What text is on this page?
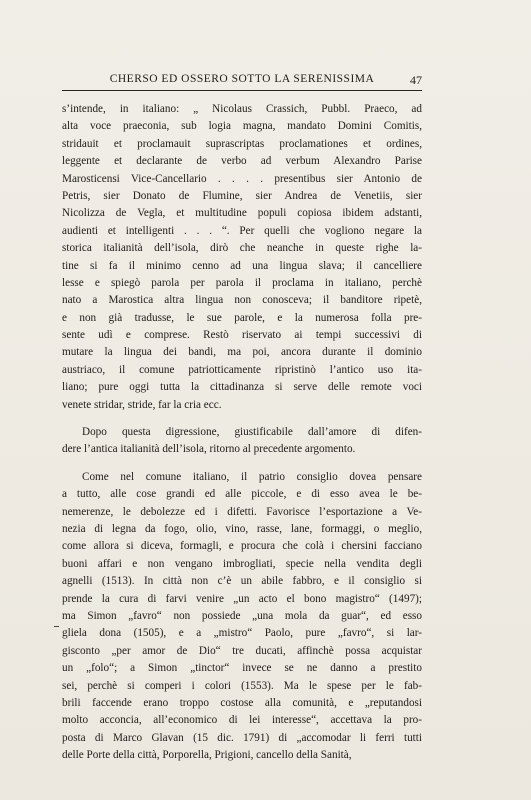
CHERSO ED OSSERO SOTTO LA SERENISSIMA	47
s’intende, in italiano: „ Nicolaus Crassich, Pubbl. Praeco, ad
alta voce praeconia, sub logia magna, mandato Domini Comitis,
stridauit et proclamauit suprascriptas proclamationes et ordines,
leggente et declarante de verbo ad verbum Alexandro Parise
Marosticensi Vice-Cancellario . . . . presentibus sier Antonio de
Petris, sier Donato de Flumine, sier Andrea de Venetiis, sier
Nicolizza de Vegla, et multitudine populi copiosa ibidem adstanti,
audienti et intelligenti . . . “. Per quelli che vogliono negare la
storica italianità dell’isola, dirò che neanche in queste righe la-
tine si fa il minimo cenno ad una lingua slava; il cancelliere
lesse e spiegò parola per parola il proclama in italiano, perchè
nato a Marostica altra lingua non conosceva; il banditore ripetè,
e non già tradusse, le sue parole, e la numerosa folla pre-
sente udì e comprese. Restò riservato ai tempi successivi di
mutare la lingua dei bandi, ma poi, ancora durante il dominio
austriaco, il comune patriotticamente ripristinò l’antico uso ita-
liano; pure oggi tutta la cittadinanza si serve delle remote voci
venete stridar, stride, far la cria ecc.
Dopo questa digressione, giustificabile dall’amore di difen-
dere l’antica italianità dell’isola, ritorno al precedente argomento.
Come nel comune italiano, il patrio consiglio dovea pensare
a tutto, alle cose grandi ed alle piccole, e di esso avea le be-
nemerenze, le debolezze ed i difetti. Favorisce l’esportazione a Ve-
nezia di legna da fogo, olio, vino, rasse, lane, formaggi, o meglio,
come allora si diceva, formagli, e procura che colà i chersini facciano
buoni affari e non vengano imbrogliati, specie nella vendita degli
agnelli (1513). In città non c’è un abile fabbro, e il consiglio si
prende la cura di farvi venire „un acto el bono magistro“ (1497);
ma Simon „favro“ non possiede „una mola da guar“, ed esso
gliela dona (1505), e a „mistro“ Paolo, pure „favro“, si lar-
gisconto „per amor de Dio“ tre ducati, affinchè possa acquistar
un „folo“; a Simon „tinctor“ invece se ne danno a prestito
sei, perchè si comperi i colori (1553). Ma le spese per le fab-
brili faccende erano troppo costose alla comunità, e „reputandosi
molto acconcia, all’economico di lei interesse“, accettava la pro-
posta di Marco Glavan (15 dic. 1791) di „accomodar li ferri tutti
delle Porte della città, Porporella, Prigioni, cancello della Sanità,
